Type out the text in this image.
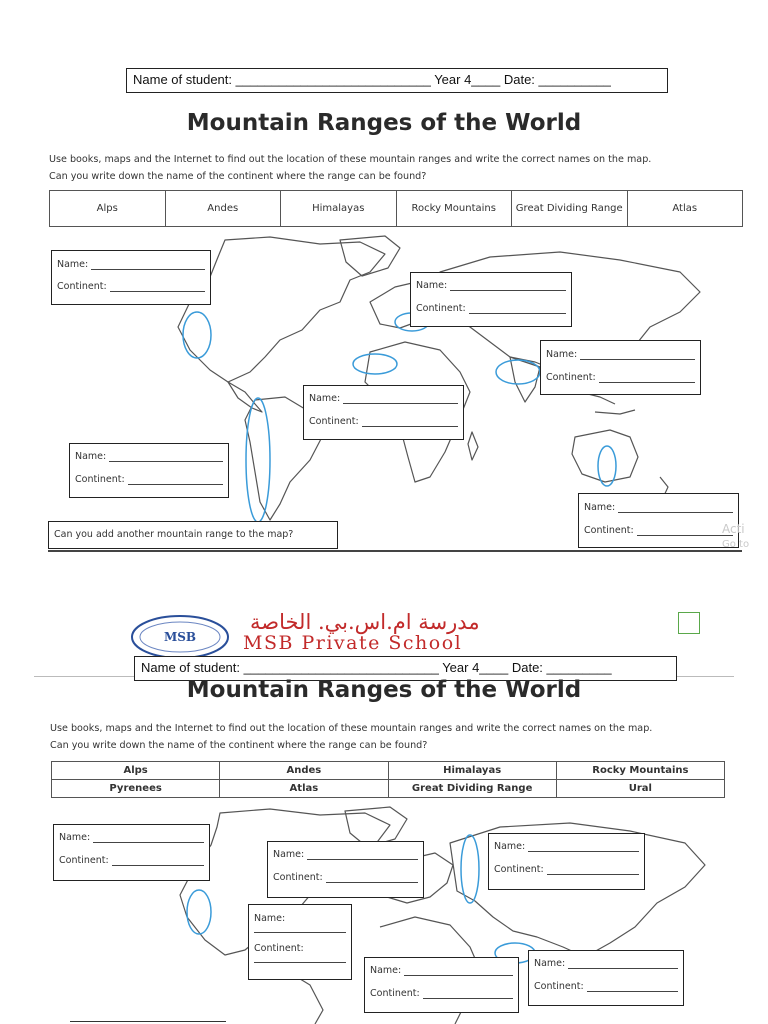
Name of student: ___________________________ Year 4____ Date: __________
Mountain Ranges of the World
Use books, maps and the Internet to find out the location of these mountain ranges and write the correct names on the map.
Can you write down the name of the continent where the range can be found?
Alps	Andes	Himalayas	Rocky Mountains	Great Dividing Range	Atlas
Name:
Continent:	Name:
Continent:
Name:
Continent:
Name:
Continent:
Name:
Continent:
Name:
Continent:
Can you add another mountain range to the map?	Acti
Go to
MSB
مدرسة ام.اس.بي. الخاصة
MSB Private School
Name of student: ___________________________ Year 4____ Date: _________
Mountain Ranges of the World
Use books, maps and the Internet to find out the location of these mountain ranges and write the correct names on the map.
Can you write down the name of the continent where the range can be found?
Alps	Andes	Himalayas	Rocky Mountains
Pyrenees	Atlas	Great Dividing Range	Ural
Name:
Continent:
Name:
Continent:
Name:
Continent:
Name:
Continent:
Name:
Continent:
Name:
Continent:
